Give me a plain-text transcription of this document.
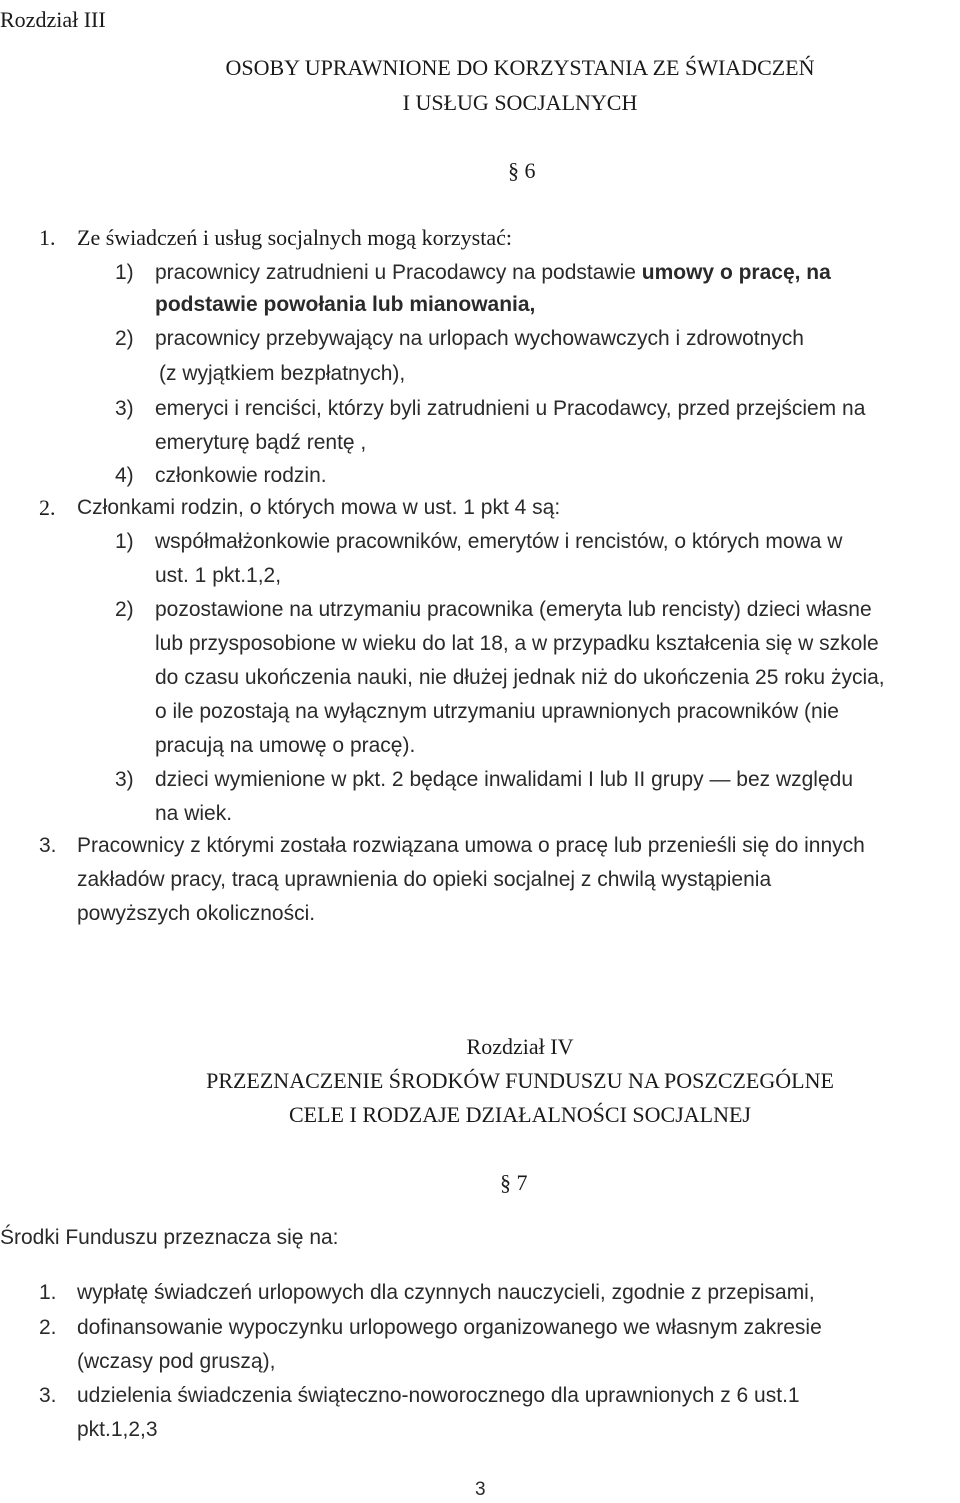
Rozdział III
OSOBY UPRAWNIONE DO KORZYSTANIA ZE ŚWIADCZEŃ
I USŁUG SOCJALNYCH
§ 6
1. Ze świadczeń i usług socjalnych mogą korzystać:
1) pracownicy zatrudnieni u Pracodawcy na podstawie umowy o pracę, na
podstawie powołania lub mianowania,
2) pracownicy przebywający na urlopach wychowawczych i zdrowotnych
(z wyjątkiem bezpłatnych),
3) emeryci i renciści, którzy byli zatrudnieni u Pracodawcy, przed przejściem na
emeryturę bądź rentę ,
4) członkowie rodzin.
2. Członkami rodzin, o których mowa w ust. 1 pkt 4 są:
1) współmałżonkowie pracowników, emerytów i rencistów, o których mowa w
ust. 1 pkt.1,2,
2) pozostawione na utrzymaniu pracownika (emeryta lub rencisty) dzieci własne
lub przysposobione w wieku do lat 18, a w przypadku kształcenia się w szkole
do czasu ukończenia nauki, nie dłużej jednak niż do ukończenia 25 roku życia,
o ile pozostają na wyłącznym utrzymaniu uprawnionych pracowników (nie
pracują na umowę o pracę).
3) dzieci wymienione w pkt. 2 będące inwalidami I lub II grupy — bez względu
na wiek.
3. Pracownicy z którymi została rozwiązana umowa o pracę lub przenieśli się do innych
zakładów pracy, tracą uprawnienia do opieki socjalnej z chwilą wystąpienia
powyższych okoliczności.
Rozdział IV
PRZEZNACZENIE ŚRODKÓW FUNDUSZU NA POSZCZEGÓLNE
CELE I RODZAJE DZIAŁALNOŚCI SOCJALNEJ
§ 7
Środki Funduszu przeznacza się na:
1. wypłatę świadczeń urlopowych dla czynnych nauczycieli, zgodnie z przepisami,
2. dofinansowanie wypoczynku urlopowego organizowanego we własnym zakresie
(wczasy pod gruszą),
3. udzielenia świadczenia świąteczno-noworocznego dla uprawnionych z 6 ust.1
pkt.1,2,3
3
